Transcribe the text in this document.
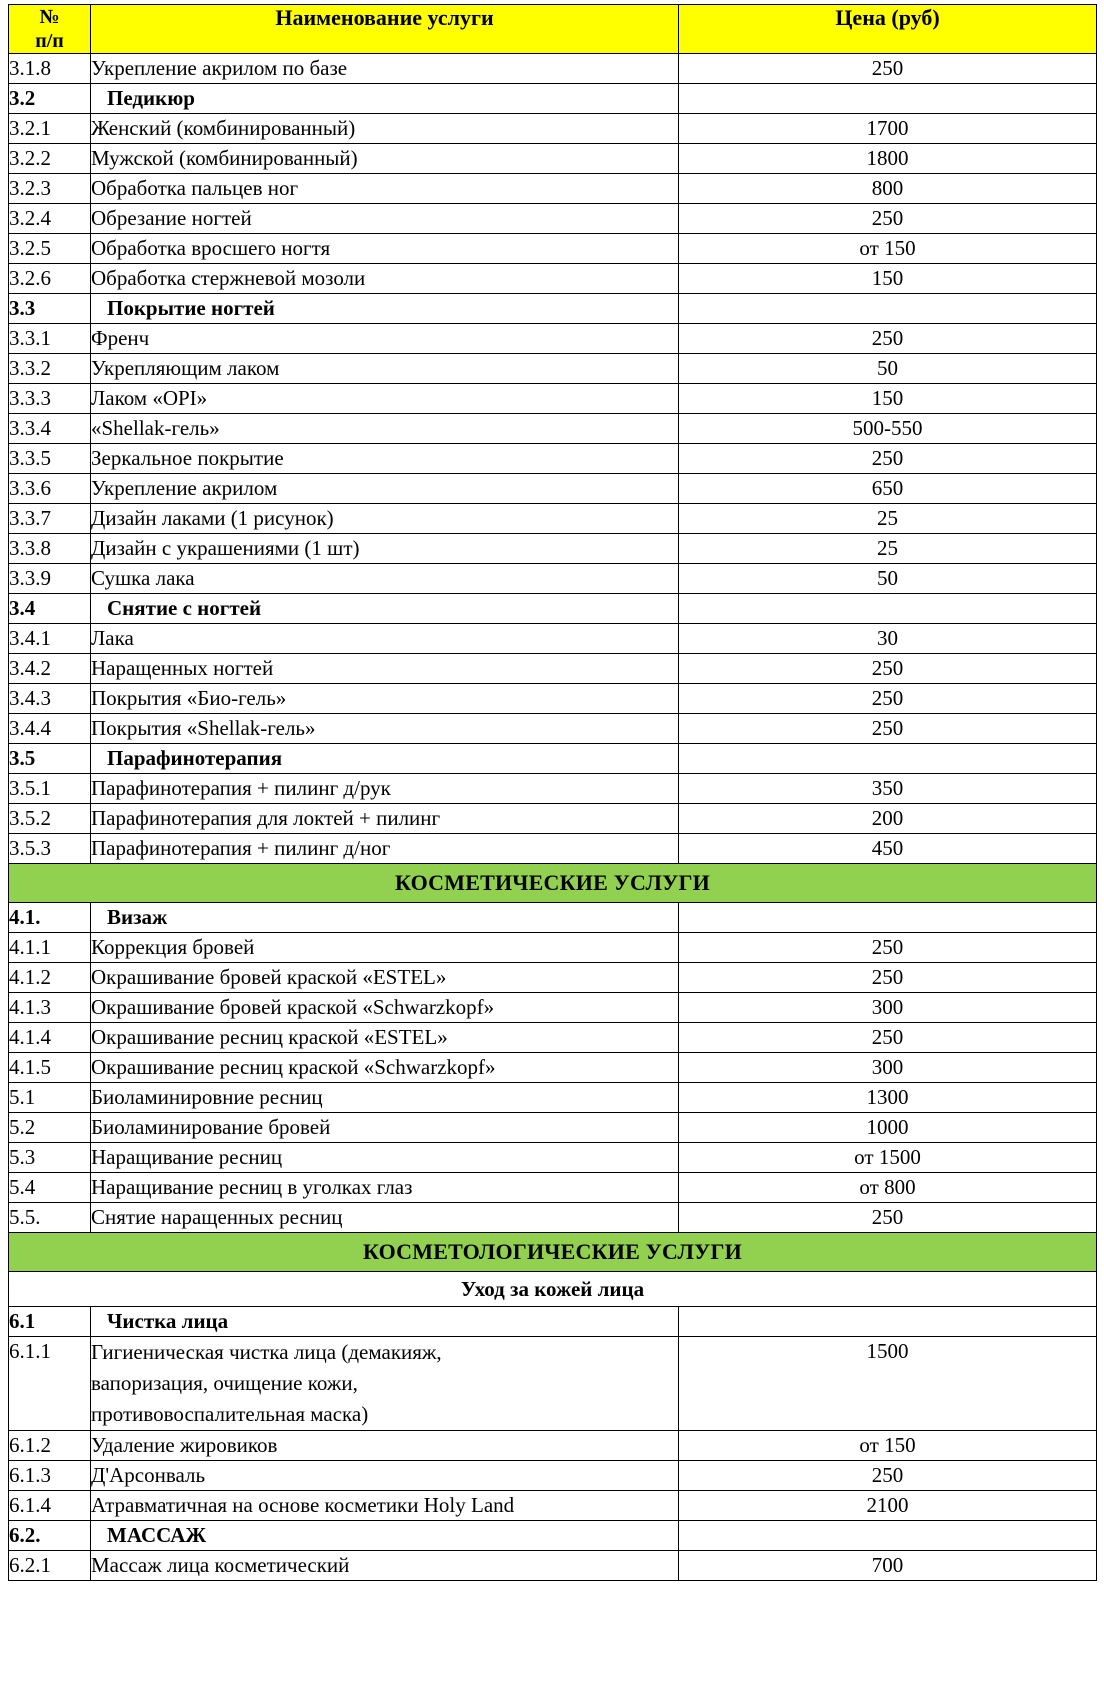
№
п/п	Наименование услуги	Цена (руб)
3.1.8	Укрепление акрилом по базе	250
3.2	Педикюр	
3.2.1	Женский (комбинированный)	1700
3.2.2	Мужской (комбинированный)	1800
3.2.3	Обработка пальцев ног	800
3.2.4	Обрезание ногтей	250
3.2.5	Обработка вросшего ногтя	от 150
3.2.6	Обработка стержневой мозоли	150
3.3	Покрытие ногтей	
3.3.1	Френч	250
3.3.2	Укрепляющим лаком	50
3.3.3	Лаком «OPI»	150
3.3.4	«Shellak-гель»	500-550
3.3.5	Зеркальное покрытие	250
3.3.6	Укрепление акрилом	650
3.3.7	Дизайн лаками (1 рисунок)	25
3.3.8	Дизайн с украшениями (1 шт)	25
3.3.9	Сушка лака	50
3.4	Снятие с ногтей	
3.4.1	Лака	30
3.4.2	Наращенных ногтей	250
3.4.3	Покрытия «Био-гель»	250
3.4.4	Покрытия «Shellak-гель»	250
3.5	Парафинотерапия	
3.5.1	Парафинотерапия + пилинг д/рук	350
3.5.2	Парафинотерапия для локтей + пилинг	200
3.5.3	Парафинотерапия + пилинг д/ног	450
КОСМЕТИЧЕСКИЕ УСЛУГИ		
4.1.	Визаж	
4.1.1	Коррекция бровей	250
4.1.2	Окрашивание бровей краской «ESTEL»	250
4.1.3	Окрашивание бровей краской «Schwarzkopf»	300
4.1.4	Окрашивание ресниц краской «ESTEL»	250
4.1.5	Окрашивание ресниц краской «Schwarzkopf»	300
5.1	Биоламинировние ресниц	1300
5.2	Биоламинирование бровей	1000
5.3	Наращивание ресниц	от 1500
5.4	Наращивание ресниц в уголках глаз	от 800
5.5.	Снятие наращенных ресниц	250
КОСМЕТОЛОГИЧЕСКИЕ УСЛУГИ		
Уход за кожей лица		
6.1	Чистка лица	
6.1.1	Гигиеническая чистка лица (демакияж,
вапоризация, очищение кожи,
противовоспалительная маска)	1500
6.1.2	Удаление жировиков	от 150
6.1.3	Д'Арсонваль	250
6.1.4	Атравматичная на основе косметики Holy Land	2100
6.2.	МАССАЖ	
6.2.1	Массаж лица косметический	700
